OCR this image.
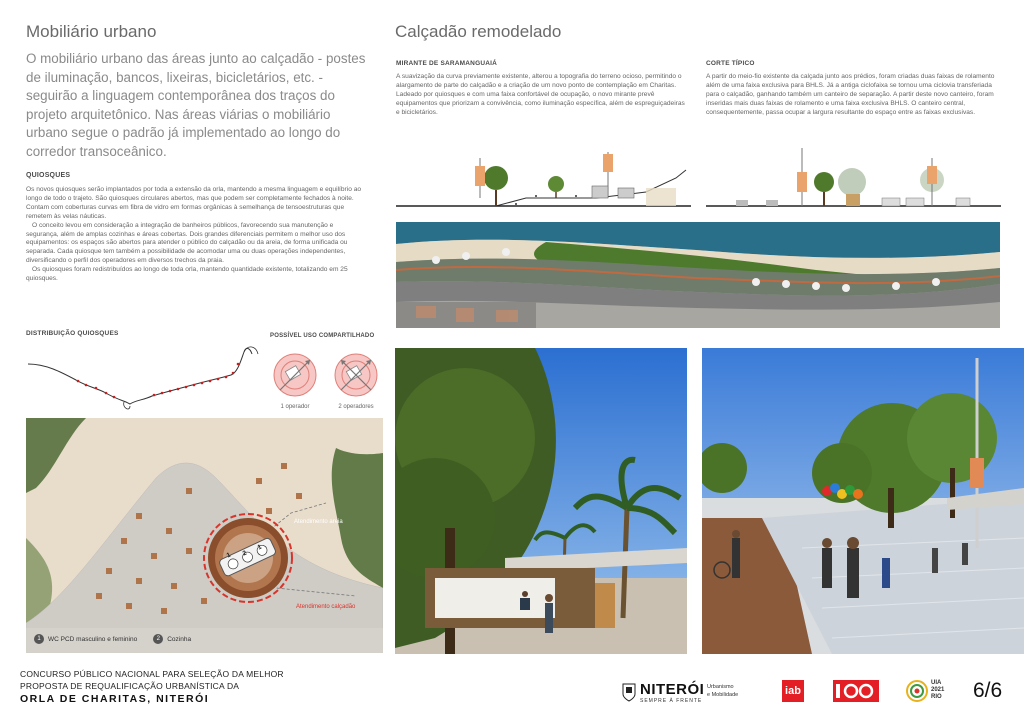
Mobiliário urbano
O mobiliário urbano das áreas junto ao calçadão - postes de iluminação, bancos, lixeiras, bicicletários, etc. - seguirão a linguagem contemporânea dos traços do projeto arquitetônico. Nas áreas viárias o mobiliário urbano segue o padrão já implementado ao longo do corredor transoceânico.
QUIOSQUES

Os novos quiosques serão implantados por toda a extensão da orla, mantendo a mesma linguagem e equilíbrio ao longo de todo o trajeto. São quiosques circulares abertos, mas que podem ser completamente fechados à noite. Contam com coberturas curvas em fibra de vidro em formas orgânicas à semelhança de tensoestruturas que remetem às velas náuticas.

O conceito levou em consideração a integração de banheiros públicos, favorecendo sua manutenção e segurança, além de amplas cozinhas e áreas cobertas. Dois grandes diferenciais permitem o melhor uso dos equipamentos: os espaços são abertos para atender o público do calçadão ou da areia, de forma unificada ou separada. Cada quiosque tem também a possibilidade de acomodar uma ou duas operações independentes, diversificando o perfil dos operadores em diversos trechos da praia.

Os quiosques foram redistribuídos ao longo de toda orla, mantendo quantidade existente, totalizando em 25 quiosques.

DISTRIBUIÇÃO QUIOSQUES	POSSÍVEL USO COMPARTILHADO
1 operador	2 operadores
1 2
1
Atendimento areia
Atendimento calçadão
1	WC PCD masculino e feminino	2	Cozinha
Calçadão remodelado
MIRANTE DE SARAMANGUAIÁ
A suavização da curva previamente existente, alterou a topografia do terreno ocioso, permitindo o alargamento de parte do calçadão e a criação de um novo ponto de contemplação em Charitas. Ladeado por quiosques e com uma faixa confortável de ocupação, o novo mirante prevê equipamentos que priorizam a convivência, como iluminação específica, além de espreguiçadeiras e bicicletários.
CORTE TÍPICO
A partir do meio-fio existente da calçada junto aos prédios, foram criadas duas faixas de rolamento além de uma faixa exclusiva para BHLS. Já a antiga ciclofaixa se tornou uma ciclovia transferiada para o calçadão, ganhando também um canteiro de separação. A partir deste novo canteiro, foram inseridas mais duas faixas de rolamento e uma faixa exclusiva BHLS. O canteiro central, consequentemente, passa ocupar a largura resultante do espaço entre as faixas exclusivas.
CONCURSO PÚBLICO NACIONAL PARA SELEÇÃO DA MELHOR
PROPOSTA DE REQUALIFICAÇÃO URBANÍSTICA DA
ORLA DE CHARITAS, NITERÓI
NITERÓI
SEMPRE À FRENTE
Urbanismo
e Mobilidade	iab
UIA
2021
RIO 6/6
